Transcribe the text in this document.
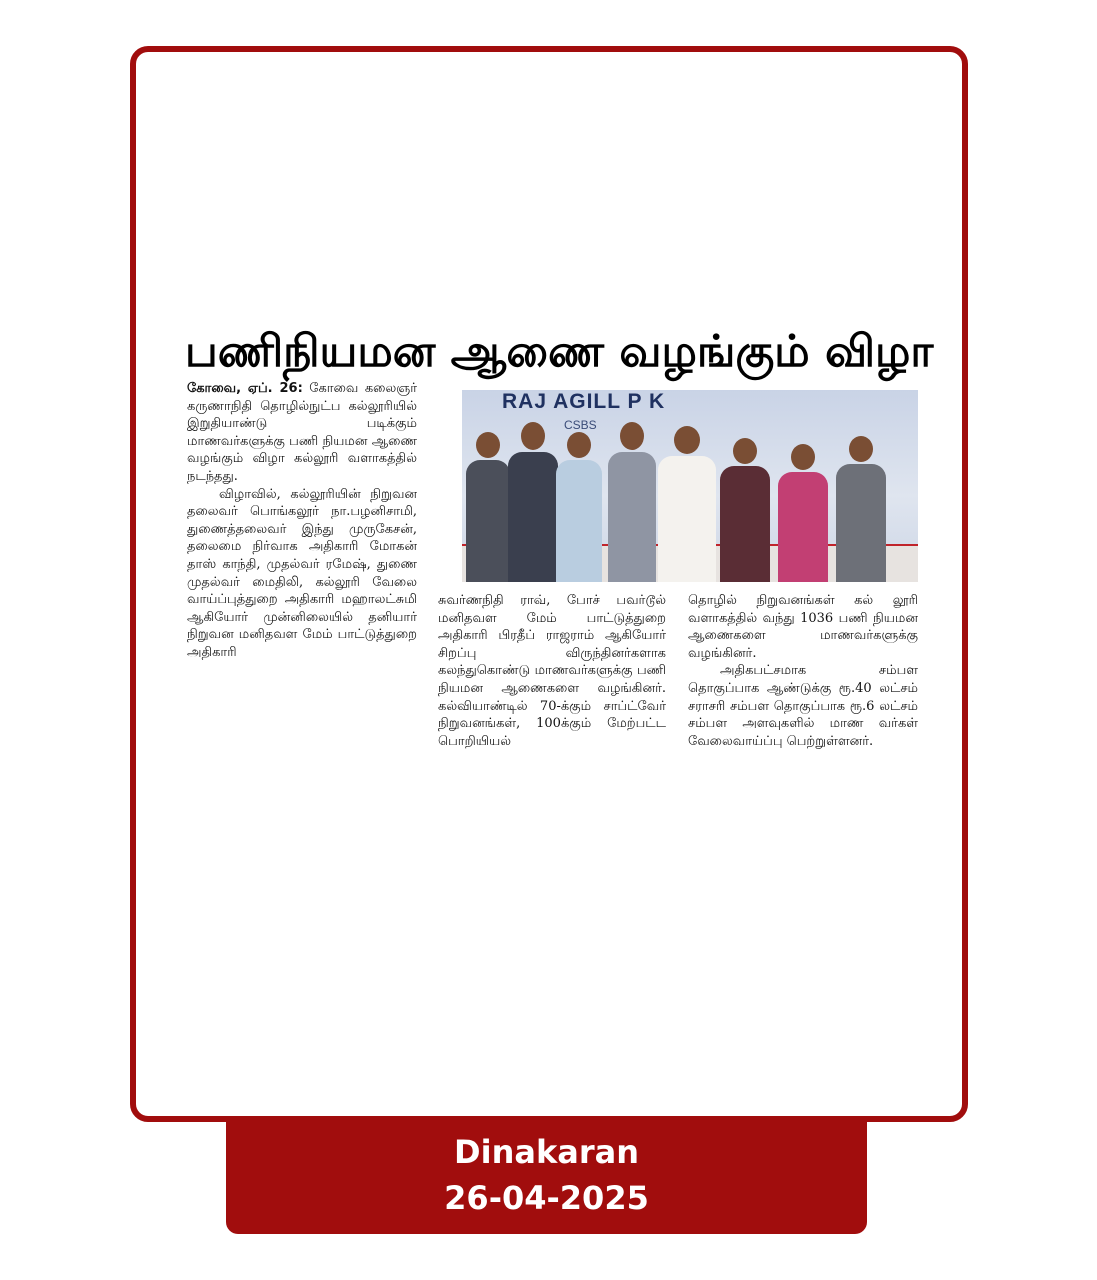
பணிநியமன ஆணை வழங்கும் விழா

கோவை, ஏப். 26: கோவை கலைஞர் கருணாநிதி தொழில்நுட்ப கல்லூரியில் இறுதியாண்டு படிக்கும் மாணவர்களுக்கு பணி நியமன ஆணை வழங்கும் விழா கல்லூரி வளாகத்தில் நடந்தது.

விழாவில், கல்லூரியின் நிறுவன தலைவர் பொங்கலூர் நா.பழனிசாமி, துணைத்தலைவர் இந்து முருகேசன், தலைமை நிர்வாக அதிகாரி மோகன் தாஸ் காந்தி, முதல்வர் ரமேஷ், துணை முதல்வர் மைதிலி, கல்லூரி வேலை வாய்ப்புத்துறை அதிகாரி மஹாலட்சுமி ஆகியோர் முன்னிலையில் தனியார் நிறுவன மனிதவள மேம் பாட்டுத்துறை அதிகாரி

RAJ AGILL P K
CSBS

சுவர்ணநிதி ராவ், போச் பவர்டூல் மனிதவள மேம் பாட்டுத்துறை அதிகாரி பிரதீப் ராஜராம் ஆகியோர் சிறப்பு விருந்தினர்களாக கலந்துகொண்டு மாணவர்களுக்கு பணி நியமன ஆணைகளை வழங்கினர். கல்வியாண்டில் 70-க்கும் சாப்ட்வேர் நிறுவனங்கள், 100க்கும் மேற்பட்ட பொறியியல்

தொழில் நிறுவனங்கள் கல் லூரி வளாகத்தில் வந்து 1036 பணி நியமன ஆணைகளை மாணவர்களுக்கு வழங்கினர்.

அதிகபட்சமாக சம்பள தொகுப்பாக ஆண்டுக்கு ரூ.40 லட்சம் சராசரி சம்பள தொகுப்பாக ரூ.6 லட்சம் சம்பள அளவுகளில் மாண வர்கள் வேலைவாய்ப்பு பெற்றுள்ளனர்.

Dinakaran
26-04-2025
